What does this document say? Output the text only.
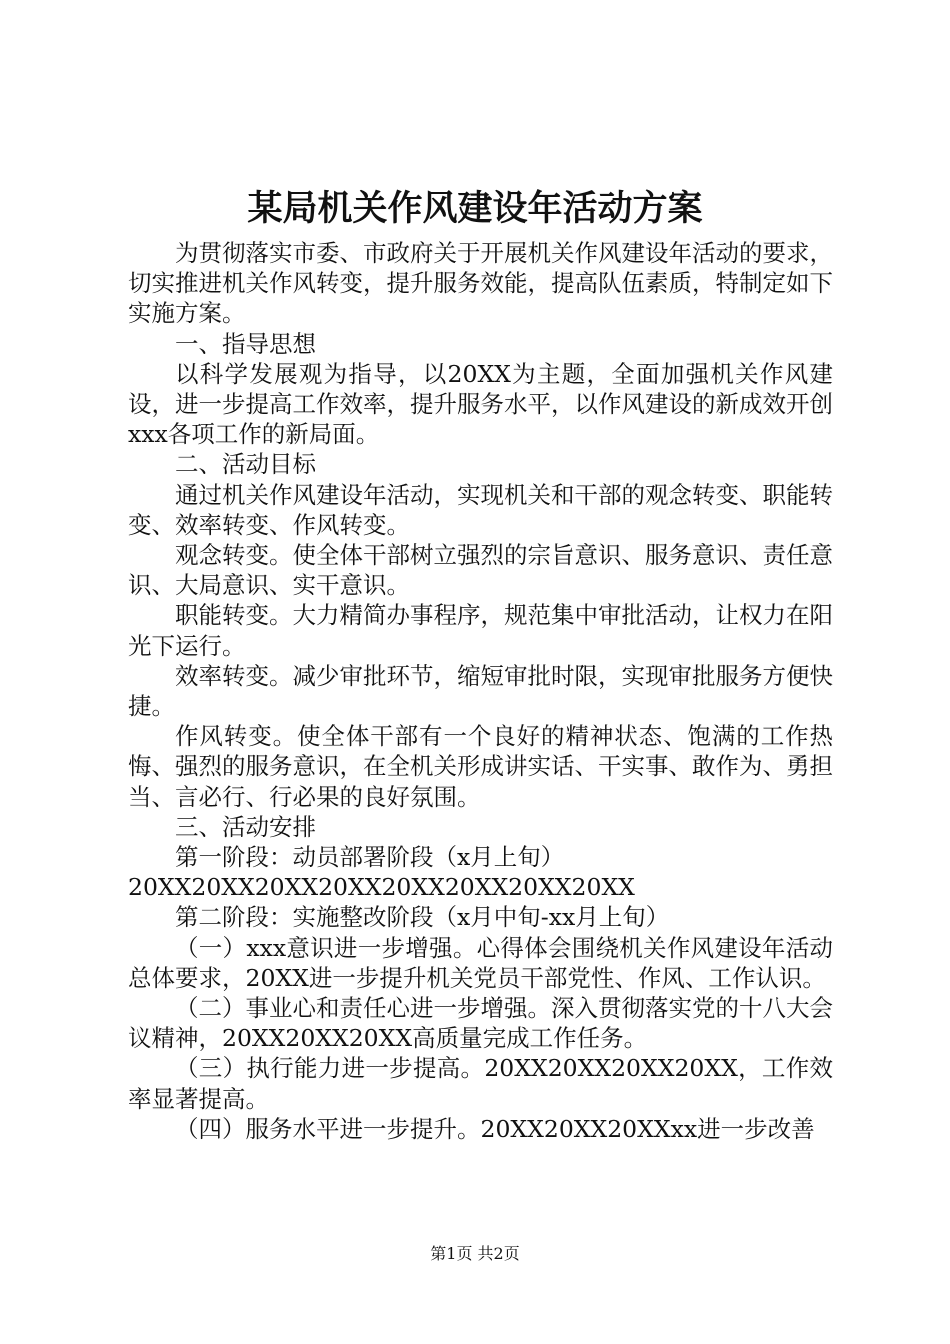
某局机关作风建设年活动方案

为贯彻落实市委、市政府关于开展机关作风建设年活动的要求，切实推进机关作风转变，提升服务效能，提高队伍素质，特制定如下实施方案。

一、指导思想

以科学发展观为指导，以20XX为主题，全面加强机关作风建设，进一步提高工作效率，提升服务水平，以作风建设的新成效开创xxx各项工作的新局面。

二、活动目标

通过机关作风建设年活动，实现机关和干部的观念转变、职能转变、效率转变、作风转变。

观念转变。使全体干部树立强烈的宗旨意识、服务意识、责任意识、大局意识、实干意识。

职能转变。大力精简办事程序，规范集中审批活动，让权力在阳光下运行。

效率转变。减少审批环节，缩短审批时限，实现审批服务方便快捷。

作风转变。使全体干部有一个良好的精神状态、饱满的工作热悔、强烈的服务意识，在全机关形成讲实话、干实事、敢作为、勇担当、言必行、行必果的良好氛围。

三、活动安排

第一阶段：动员部署阶段（x月上旬）

20XX20XX20XX20XX20XX20XX20XX20XX

第二阶段：实施整改阶段（x月中旬-xx月上旬）

（一）xxx意识进一步增强。心得体会围绕机关作风建设年活动总体要求，20XX进一步提升机关党员干部党性、作风、工作认识。

（二）事业心和责任心进一步增强。深入贯彻落实党的十八大会议精神，20XX20XX20XX高质量完成工作任务。

（三）执行能力进一步提高。20XX20XX20XX20XX，工作效率显著提高。

（四）服务水平进一步提升。20XX20XX20XXxx进一步改善

第1页 共2页
